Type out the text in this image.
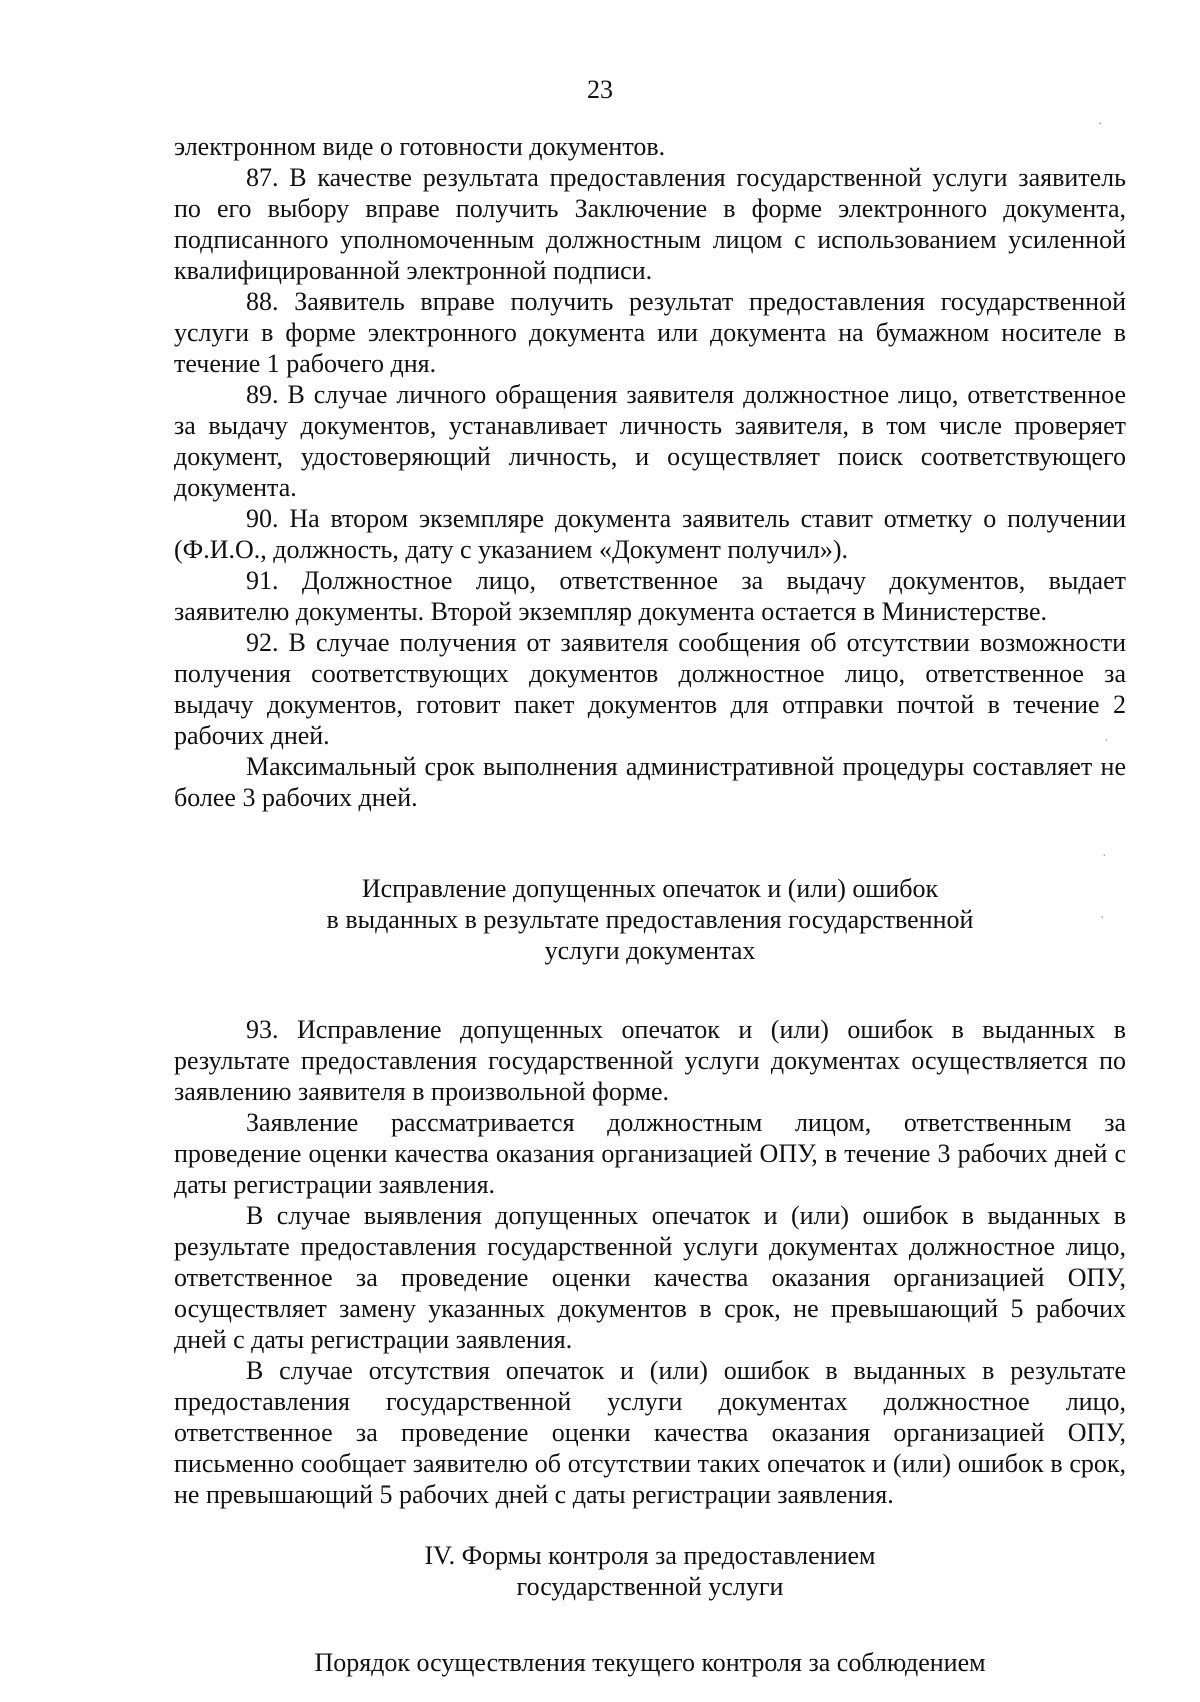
23

электронном виде о готовности документов.

87. В качестве результата предоставления государственной услуги заявитель по его выбору вправе получить Заключение в форме электронного документа, подписанного уполномоченным должностным лицом с использованием усиленной квалифицированной электронной подписи.

88. Заявитель вправе получить результат предоставления государственной услуги в форме электронного документа или документа на бумажном носителе в течение 1 рабочего дня.

89. В случае личного обращения заявителя должностное лицо, ответственное за выдачу документов, устанавливает личность заявителя, в том числе проверяет документ, удостоверяющий личность, и осуществляет поиск соответствующего документа.

90. На втором экземпляре документа заявитель ставит отметку о получении (Ф.И.О., должность, дату с указанием «Документ получил»).

91. Должностное лицо, ответственное за выдачу документов, выдает заявителю документы. Второй экземпляр документа остается в Министерстве.

92. В случае получения от заявителя сообщения об отсутствии возможности получения соответствующих документов должностное лицо, ответственное за выдачу документов, готовит пакет документов для отправки почтой в течение 2 рабочих дней.

Максимальный срок выполнения административной процедуры составляет не более 3 рабочих дней.

Исправление допущенных опечаток и (или) ошибок

в выданных в результате предоставления государственной

услуги документах

93. Исправление допущенных опечаток и (или) ошибок в выданных в результате предоставления государственной услуги документах осуществляется по заявлению заявителя в произвольной форме.

Заявление рассматривается должностным лицом, ответственным за проведение оценки качества оказания организацией ОПУ, в течение 3 рабочих дней с даты регистрации заявления.

В случае выявления допущенных опечаток и (или) ошибок в выданных в результате предоставления государственной услуги документах должностное лицо, ответственное за проведение оценки качества оказания организацией ОПУ, осуществляет замену указанных документов в срок, не превышающий 5 рабочих дней с даты регистрации заявления.

В случае отсутствия опечаток и (или) ошибок в выданных в результате предоставления государственной услуги документах должностное лицо, ответственное за проведение оценки качества оказания организацией ОПУ, письменно сообщает заявителю об отсутствии таких опечаток и (или) ошибок в срок, не превышающий 5 рабочих дней с даты регистрации заявления.

IV. Формы контроля за предоставлением

государственной услуги

Порядок осуществления текущего контроля за соблюдением

·
·
·
·
